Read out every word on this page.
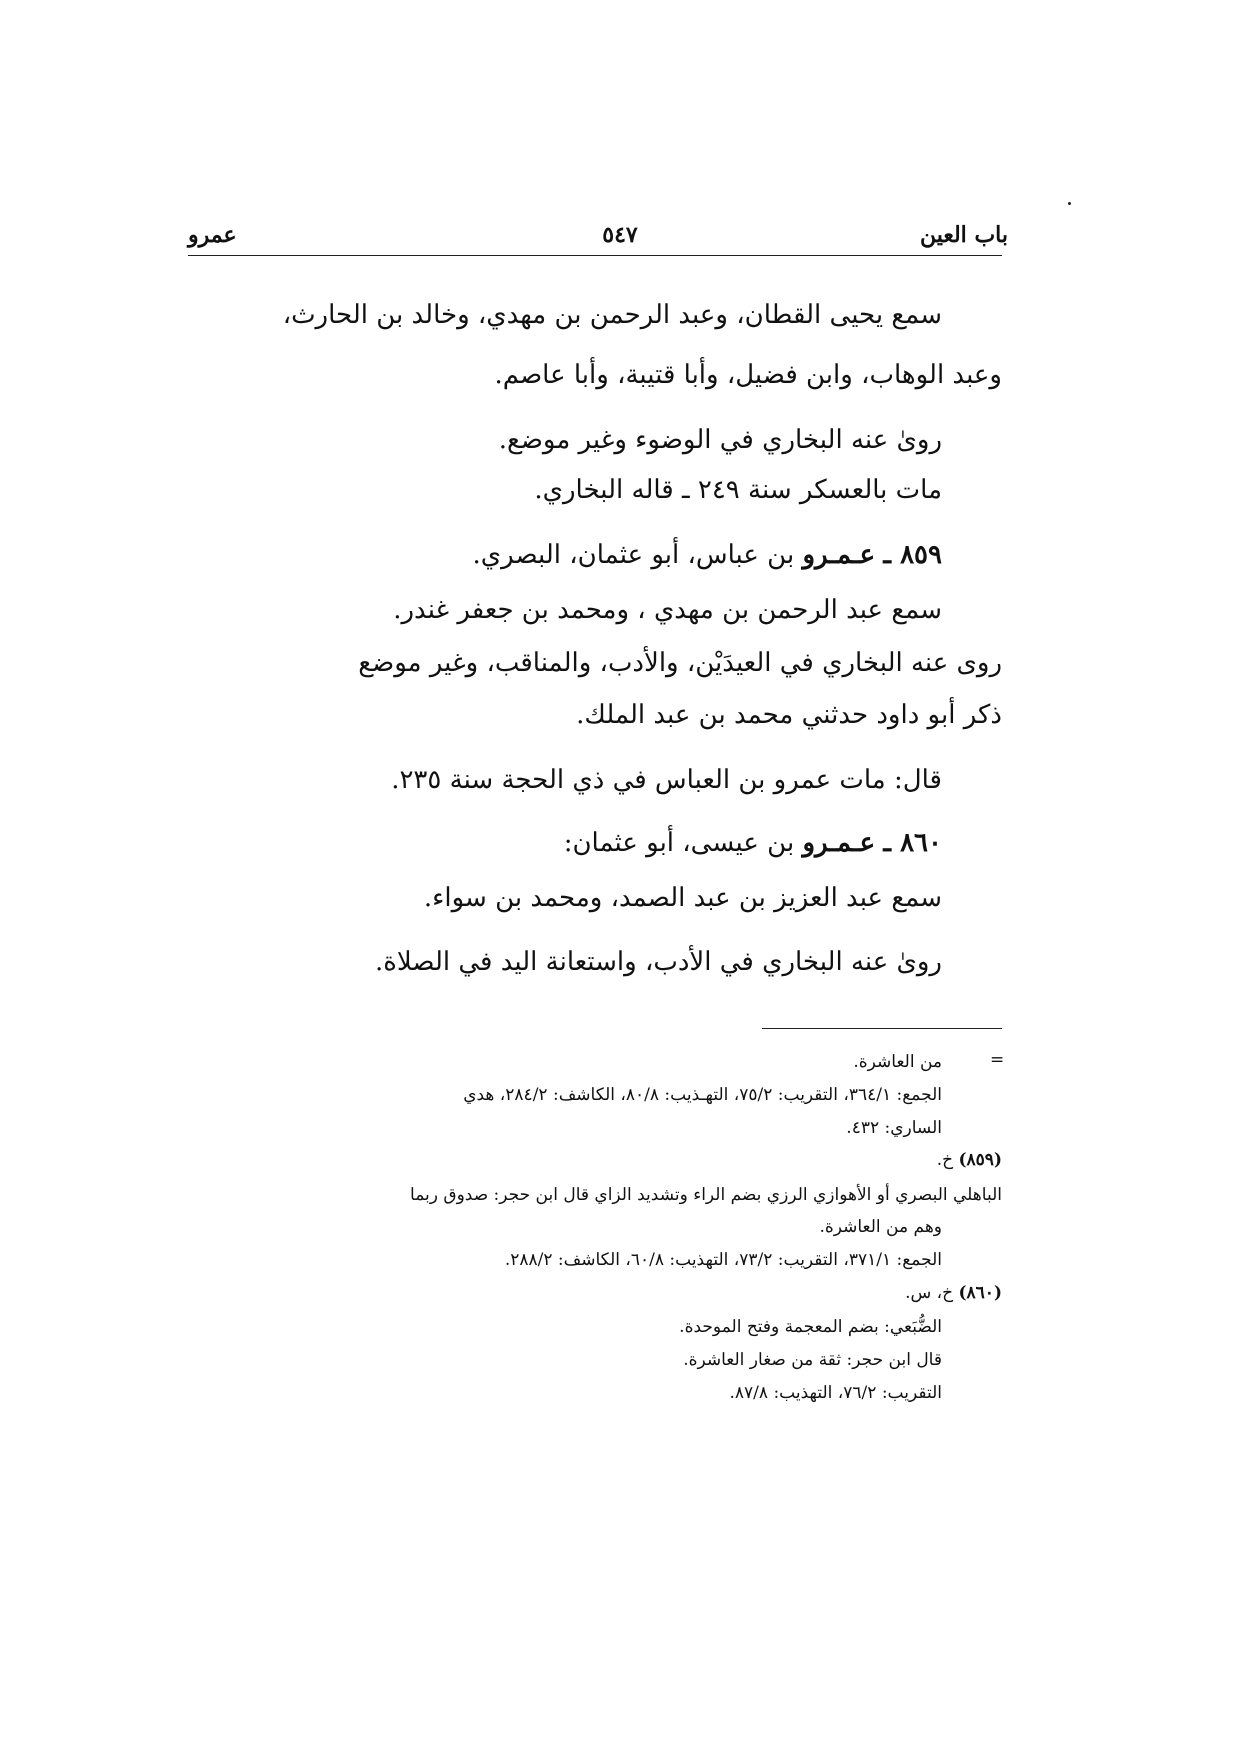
باب العين
٥٤٧
عمرو
سمع يحيى القطان، وعبد الرحمن بن مهدي، وخالد بن الحارث،
وعبد الوهاب، وابن فضيل، وأبا قتيبة، وأبا عاصم.
روىٰ عنه البخاري في الوضوء وغير موضع.
مات بالعسكر سنة ٢٤٩ ـ قاله البخاري.
٨٥٩ ـ عـمـرو بن عباس، أبو عثمان، البصري.
سمع عبد الرحمن بن مهدي ، ومحمد بن جعفر غندر.
روى عنه البخاري في العيدَيْن، والأدب، والمناقب، وغير موضع
ذكر أبو داود حدثني محمد بن عبد الملك.
قال: مات عمرو بن العباس في ذي الحجة سنة ٢٣٥.
٨٦٠ ـ عـمـرو بن عيسى، أبو عثمان:
سمع عبد العزيز بن عبد الصمد، ومحمد بن سواء.
روىٰ عنه البخاري في الأدب، واستعانة اليد في الصلاة.
=
من العاشرة.
الجمع: ٣٦٤/١، التقريب: ٧٥/٢، التهـذيب: ٨٠/٨، الكاشف: ٢٨٤/٢، هدي
الساري: ٤٣٢.
(٨٥٩) خ.
الباهلي البصري أو الأهوازي الرزي بضم الراء وتشديد الزاي قال ابن حجر: صدوق ربما
وهم من العاشرة.
الجمع: ٣٧١/١، التقريب: ٧٣/٢، التهذيب: ٦٠/٨، الكاشف: ٢٨٨/٢.
(٨٦٠) خ، س.
الضُّبَعي: بضم المعجمة وفتح الموحدة.
قال ابن حجر: ثقة من صغار العاشرة.
التقريب: ٧٦/٢، التهذيب: ٨٧/٨.
